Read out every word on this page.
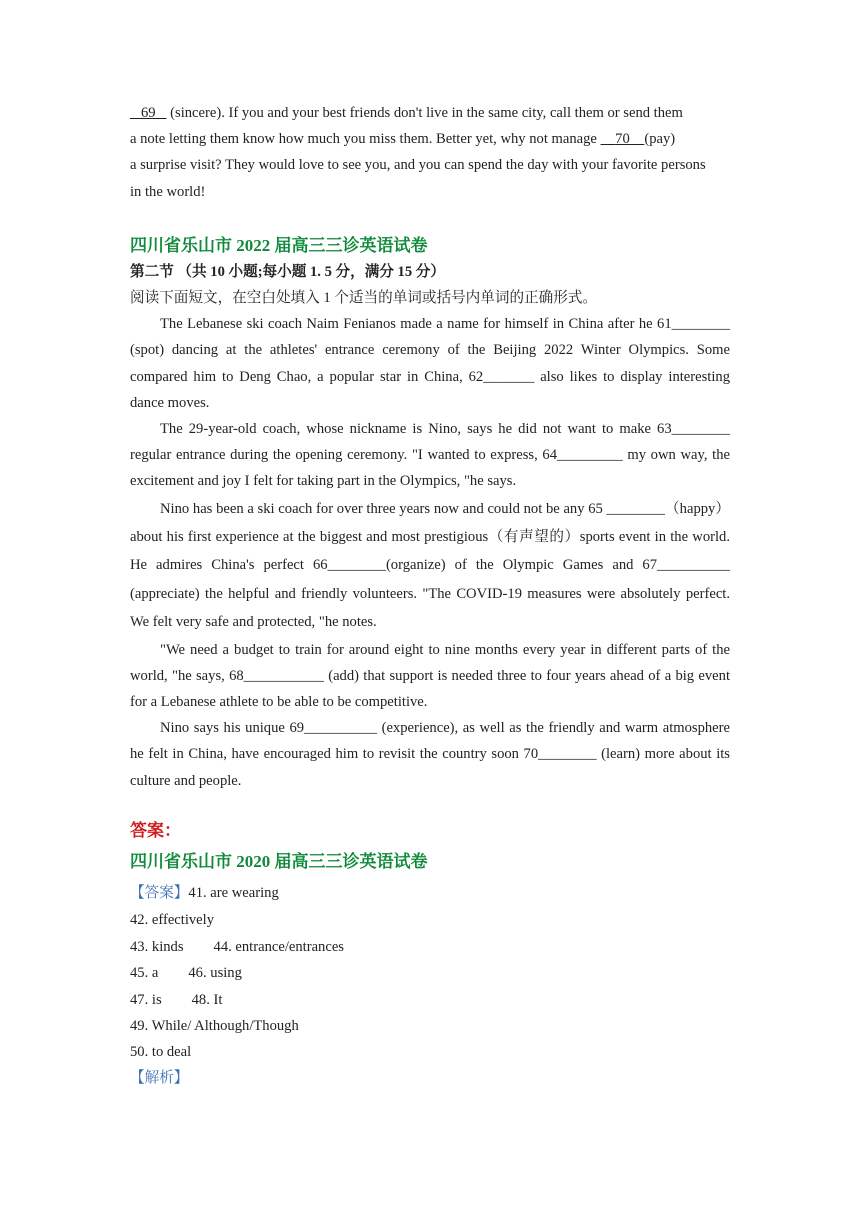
69    (sincere). If you and your best friends don't live in the same city, call them or send them

a note letting them know how much you miss them. Better yet, why not manage     70 (pay)

a surprise visit? They would love to see you, and you can spend the day with your favorite persons

in the world!

四川省乐山市 2022 届高三三诊英语试卷

第二节 （共 10 小题;每小题 1. 5 分，满分 15 分）

阅读下面短文，在空白处填入 1 个适当的单词或括号内单词的正确形式。

The Lebanese ski coach Naim Fenianos made a name for himself in China after he 61________ (spot) dancing at the athletes' entrance ceremony of the Beijing 2022 Winter Olympics. Some compared him to Deng Chao, a popular star in China, 62_______ also likes to display interesting dance moves.

The 29-year-old coach, whose nickname is Nino, says he did not want to make 63________ regular entrance during the opening ceremony. "I wanted to express, 64_________ my own way, the excitement and joy I felt for taking part in the Olympics, "he says.

Nino has been a ski coach for over three years now and could not be any 65 ________（happy）about his first experience at the biggest and most prestigious（有声望的）sports event in the world. He admires China's perfect 66________(organize) of the Olympic Games and 67__________ (appreciate) the helpful and friendly volunteers. "The COVID-19 measures were absolutely perfect. We felt very safe and protected, "he notes.

"We need a budget to train for around eight to nine months every year in different parts of the world, "he says, 68___________ (add) that support is needed three to four years ahead of a big event for a Lebanese athlete to be able to be competitive.

Nino says his unique 69__________ (experience), as well as the friendly and warm atmosphere he felt in China, have encouraged him to revisit the country soon 70________ (learn) more about its culture and people.

答案：

四川省乐山市 2020 届高三三诊英语试卷

【答案】41. are wearing

42. effectively

43. kinds 44. entrance/entrances

45. a 46. using

47. is 48. It

49. While/ Although/Though

50. to deal

【解析】
